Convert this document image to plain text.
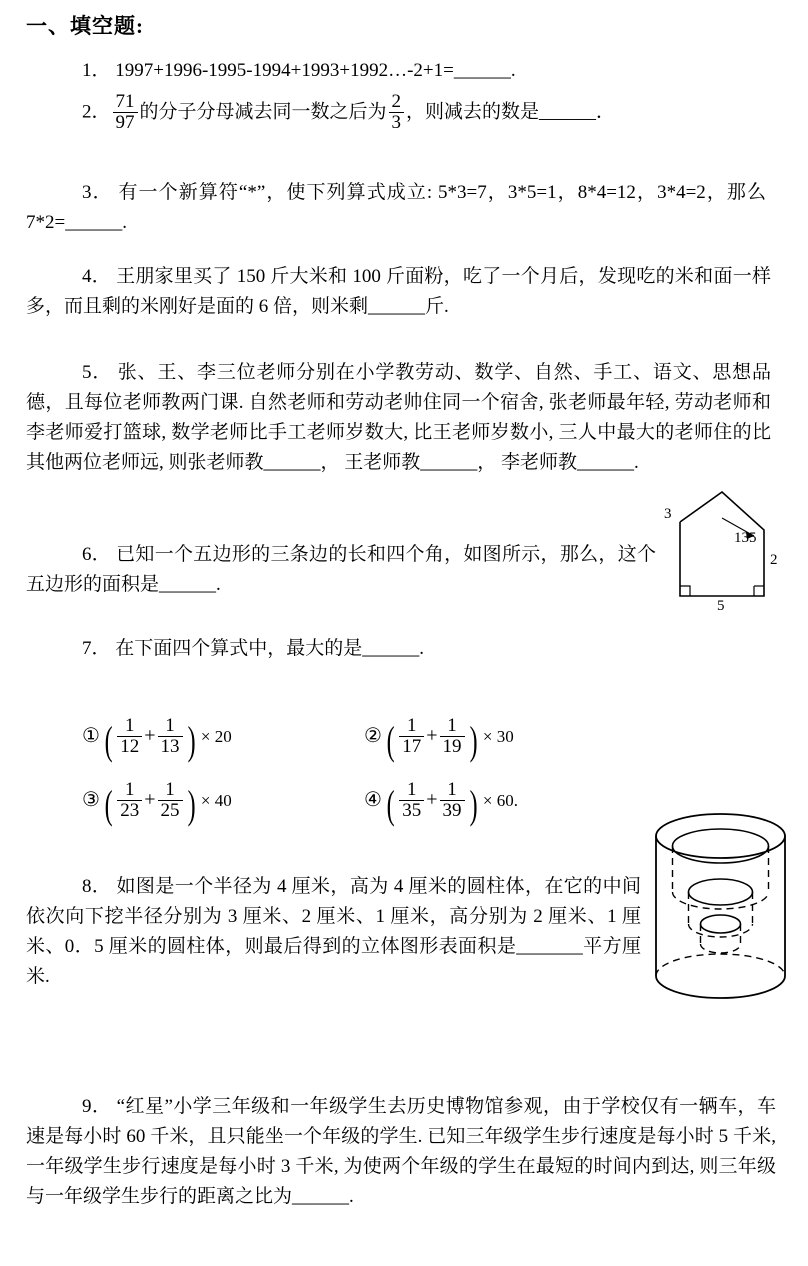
一、填空题:
1． 1997+1996-1995-1994+1993+1992…-2+1=______.
2． $\frac{71}{97}$ 的分子分母减去同一数之后为 $\frac{2}{3}$ ，则减去的数是______．
3． 有一个新算符“*”，使下列算式成立: 5*3=7，3*5=1，8*4=12，3*4=2，那么 7*2=______.
4． 王朋家里买了 150 斤大米和 100 斤面粉，吃了一个月后，发现吃的米和面一样多，而且剩的米刚好是面的 6 倍，则米剩______斤.
5． 张、王、李三位老师分别在小学教劳动、数学、自然、手工、语文、思想品德，且每位老师教两门课. 自然老师和劳动老帅住同一个宿舍, 张老师最年轻, 劳动老师和李老师爱打篮球, 数学老师比手工老师岁数大, 比王老师岁数小, 三人中最大的老师住的比其他两位老师远, 则张老师教______， 王老师教______， 李老师教______.
6． 已知一个五边形的三条边的长和四个角，如图所示，那么，这个五边形的面积是______.
3
135
2
5
7． 在下面四个算式中，最大的是______.
① ( $\frac{1}{12} + \frac{1}{13}$ ) × 20	② ( $\frac{1}{17} + \frac{1}{19}$ ) × 30
③ ( $\frac{1}{23} + \frac{1}{25}$ ) × 40	④ ( $\frac{1}{35} + \frac{1}{39}$ ) × 60.
8． 如图是一个半径为 4 厘米，高为 4 厘米的圆柱体，在它的中间依次向下挖半径分别为 3 厘米、2 厘米、1 厘米，高分别为 2 厘米、1 厘米、0．5 厘米的圆柱体，则最后得到的立体图形表面积是_______平方厘米.
9． “红星”小学三年级和一年级学生去历史博物馆参观，由于学校仅有一辆车，车速是每小时 60 千米，且只能坐一个年级的学生. 已知三年级学生步行速度是每小时 5 千米, 一年级学生步行速度是每小时 3 千米, 为使两个年级的学生在最短的时间内到达, 则三年级与一年级学生步行的距离之比为______.
